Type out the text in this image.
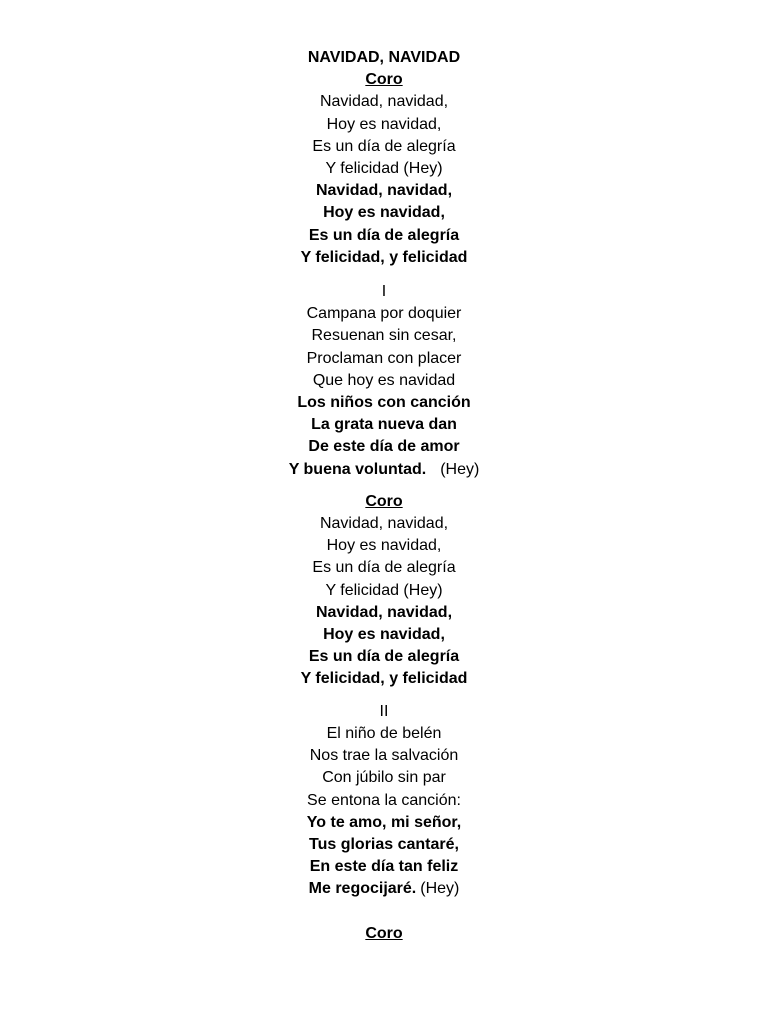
NAVIDAD, NAVIDAD
Coro
Navidad, navidad,
Hoy es navidad,
Es un día de alegría
Y felicidad (Hey)
Navidad, navidad,
Hoy es navidad,
Es un día de alegría
Y felicidad, y felicidad
I
Campana por doquier
Resuenan sin cesar,
Proclaman con placer
Que hoy es navidad
Los niños con canción
La grata nueva dan
De este día de amor
Y buena voluntad. (Hey)
Coro
Navidad, navidad,
Hoy es navidad,
Es un día de alegría
Y felicidad (Hey)
Navidad, navidad,
Hoy es navidad,
Es un día de alegría
Y felicidad, y felicidad
II
El niño de belén
Nos trae la salvación
Con júbilo sin par
Se entona la canción:
Yo te amo, mi señor,
Tus glorias cantaré,
En este día tan feliz
Me regocijaré. (Hey)
Coro
